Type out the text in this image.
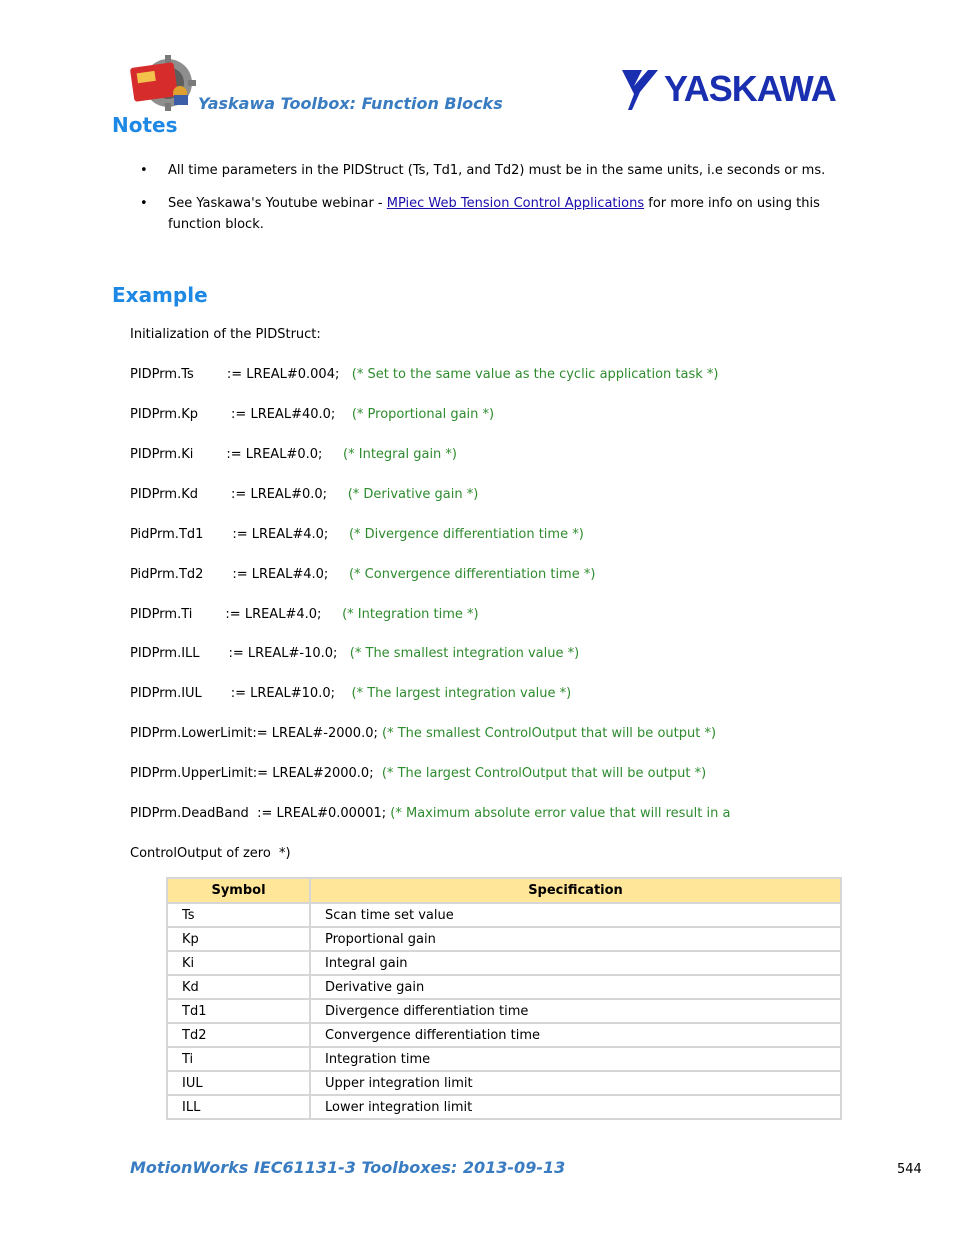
Yaskawa Toolbox: Function Blocks	YASKAWA
Notes
• All time parameters in the PIDStruct (Ts, Td1, and Td2) must be in the same units, i.e seconds or ms.
• See Yaskawa's Youtube webinar - MPiec Web Tension Control Applications for more info on using this function block.
Example
Initialization of the PIDStruct:
PIDPrm.Ts        := LREAL#0.004;   (* Set to the same value as the cyclic application task *)
PIDPrm.Kp        := LREAL#40.0;    (* Proportional gain *)
PIDPrm.Ki        := LREAL#0.0;     (* Integral gain *)
PIDPrm.Kd        := LREAL#0.0;     (* Derivative gain *)
PidPrm.Td1       := LREAL#4.0;     (* Divergence differentiation time *)
PidPrm.Td2       := LREAL#4.0;     (* Convergence differentiation time *)
PIDPrm.Ti        := LREAL#4.0;     (* Integration time *)
PIDPrm.ILL       := LREAL#-10.0;   (* The smallest integration value *)
PIDPrm.IUL       := LREAL#10.0;    (* The largest integration value *)
PIDPrm.LowerLimit:= LREAL#-2000.0; (* The smallest ControlOutput that will be output *)
PIDPrm.UpperLimit:= LREAL#2000.0;  (* The largest ControlOutput that will be output *)
PIDPrm.DeadBand  := LREAL#0.00001; (* Maximum absolute error value that will result in a
ControlOutput of zero  *)
Symbol	Specification
Ts	Scan time set value
Kp	Proportional gain
Ki	Integral gain
Kd	Derivative gain
Td1	Divergence differentiation time
Td2	Convergence differentiation time
Ti	Integration time
IUL	Upper integration limit
ILL	Lower integration limit
MotionWorks IEC61131-3 Toolboxes: 2013-09-13	544
